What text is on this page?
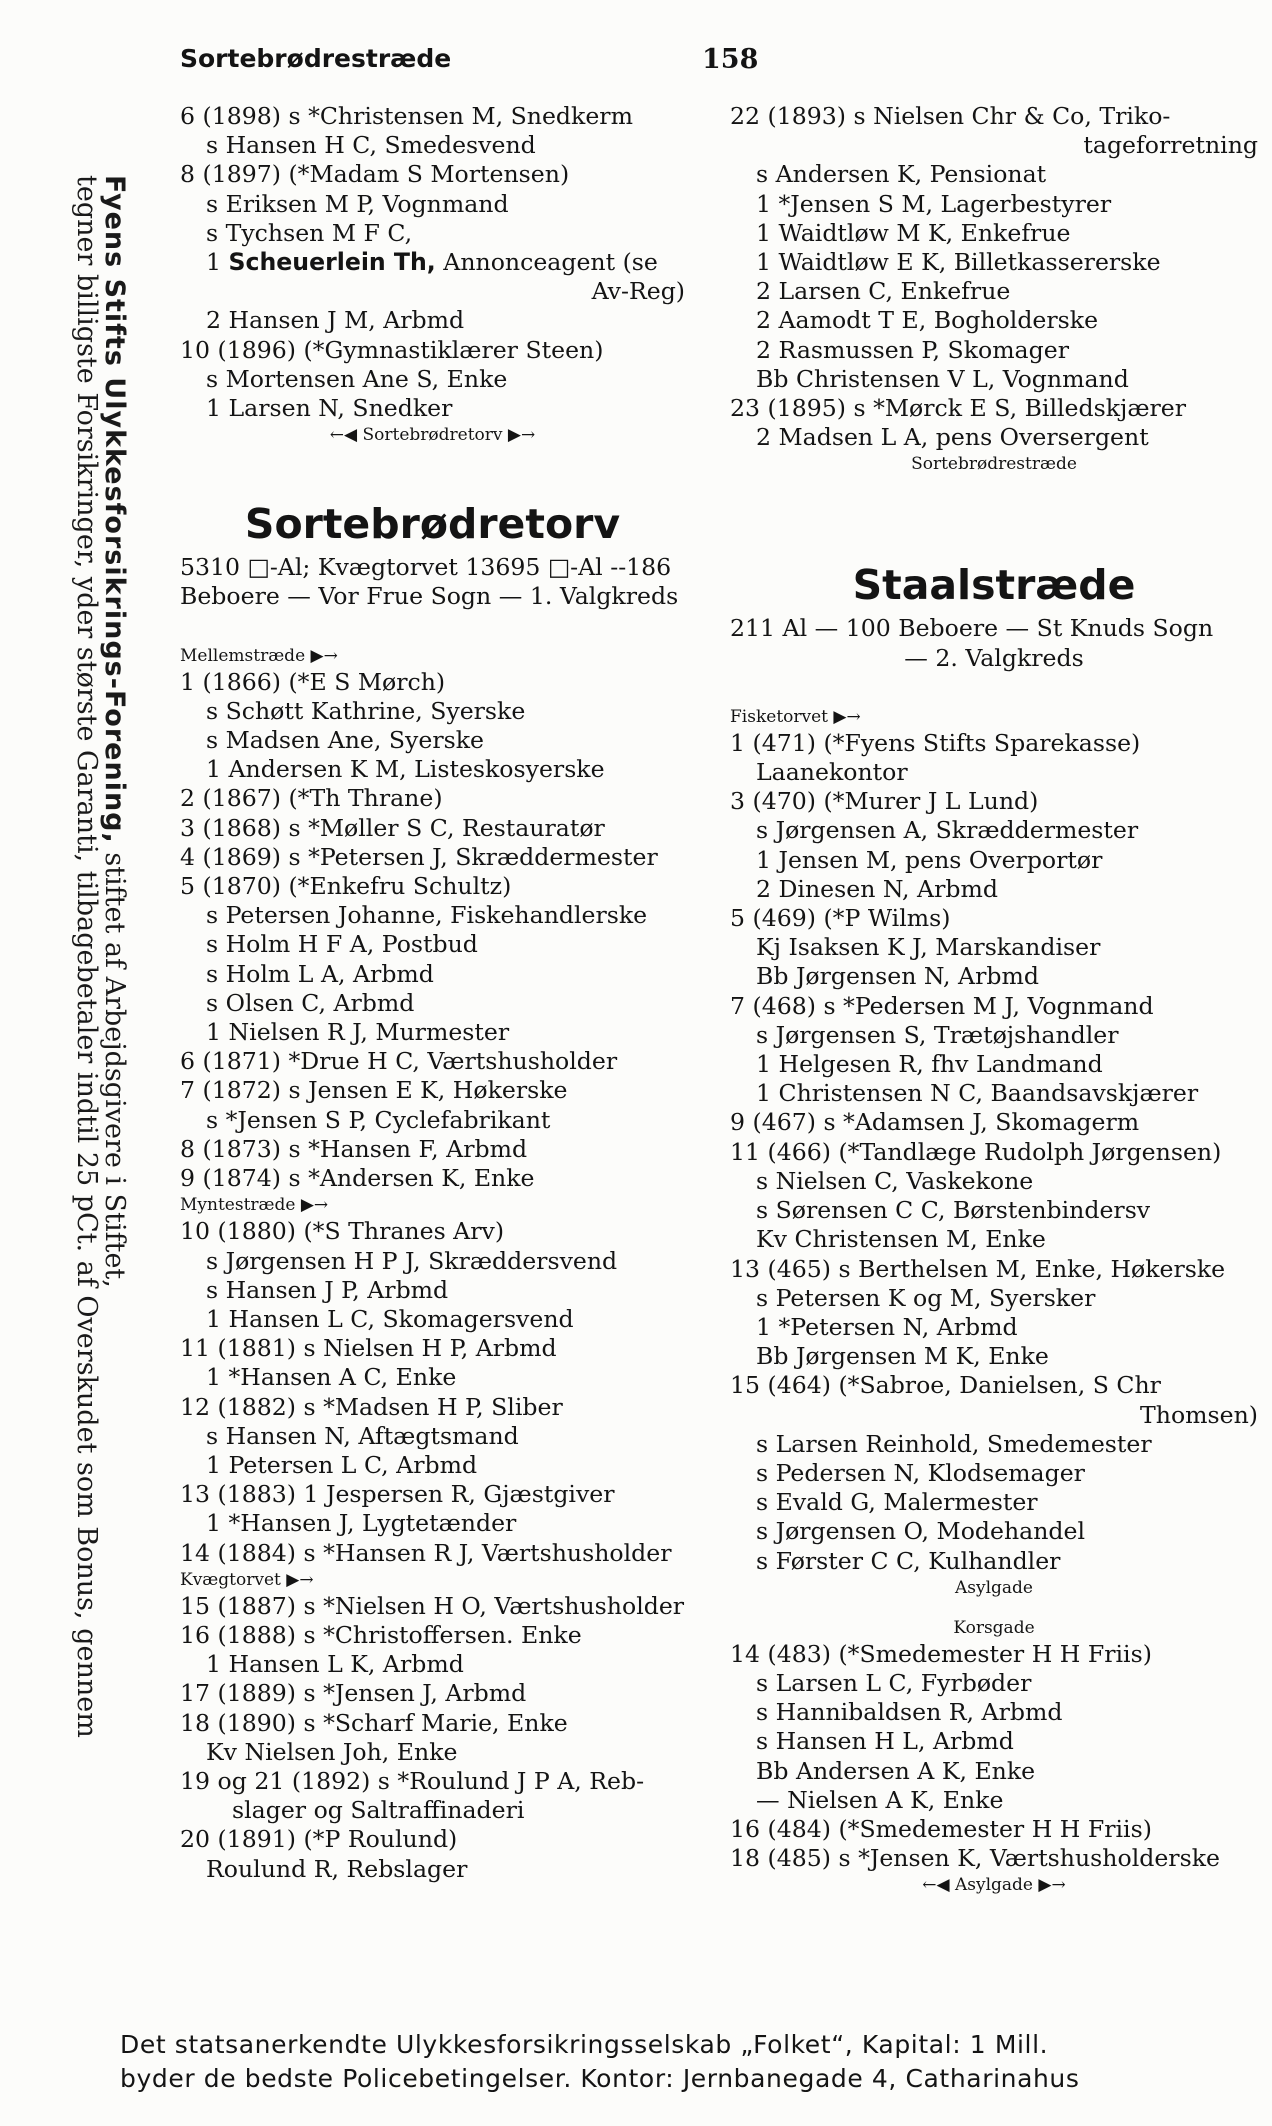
Sortebrødrestræde	158
Fyens Stifts Ulykkesforsikrings-Forening, stiftet af Arbejdsgivere i Stiftet,
tegner billigste Forsikringer, yder største Garanti, tilbagebetaler indtil 25 pCt. af Overskudet som Bonus, gennem
6 (1898) s *Christensen M, Snedkerm
s Hansen H C, Smedesvend
8 (1897) (*Madam S Mortensen)
s Eriksen M P, Vognmand
s Tychsen M F C,
1 Scheuerlein Th, Annonceagent (se
Av-Reg)
2 Hansen J M, Arbmd
10 (1896) (*Gymnastiklærer Steen)
s Mortensen Ane S, Enke
1 Larsen N, Snedker
←◀ Sortebrødretorv ▶→
Sortebrødretorv
5310 □-Al; Kvægtorvet 13695 □-Al --186
Beboere — Vor Frue Sogn — 1. Valgkreds
Mellemstræde ▶→
1 (1866) (*E S Mørch)
s Schøtt Kathrine, Syerske
s Madsen Ane, Syerske
1 Andersen K M, Listeskosyerske
2 (1867) (*Th Thrane)
3 (1868) s *Møller S C, Restauratør
4 (1869) s *Petersen J, Skræddermester
5 (1870) (*Enkefru Schultz)
s Petersen Johanne, Fiskehandlerske
s Holm H F A, Postbud
s Holm L A, Arbmd
s Olsen C, Arbmd
1 Nielsen R J, Murmester
6 (1871) *Drue H C, Værtshusholder
7 (1872) s Jensen E K, Høkerske
s *Jensen S P, Cyclefabrikant
8 (1873) s *Hansen F, Arbmd
9 (1874) s *Andersen K, Enke
Myntestræde ▶→
10 (1880) (*S Thranes Arv)
s Jørgensen H P J, Skræddersvend
s Hansen J P, Arbmd
1 Hansen L C, Skomagersvend
11 (1881) s Nielsen H P, Arbmd
1 *Hansen A C, Enke
12 (1882) s *Madsen H P, Sliber
s Hansen N, Aftægtsmand
1 Petersen L C, Arbmd
13 (1883) 1 Jespersen R, Gjæstgiver
1 *Hansen J, Lygtetænder
14 (1884) s *Hansen R J, Værtshusholder
Kvægtorvet ▶→
15 (1887) s *Nielsen H O, Værtshusholder
16 (1888) s *Christoffersen. Enke
1 Hansen L K, Arbmd
17 (1889) s *Jensen J, Arbmd
18 (1890) s *Scharf Marie, Enke
Kv Nielsen Joh, Enke
19 og 21 (1892) s *Roulund J P A, Reb-
slager og Saltraffinaderi
20 (1891) (*P Roulund)
Roulund R, Rebslager
22 (1893) s Nielsen Chr & Co, Triko-
tageforretning
s Andersen K, Pensionat
1 *Jensen S M, Lagerbestyrer
1 Waidtløw M K, Enkefrue
1 Waidtløw E K, Billetkassererske
2 Larsen C, Enkefrue
2 Aamodt T E, Bogholderske
2 Rasmussen P, Skomager
Bb Christensen V L, Vognmand
23 (1895) s *Mørck E S, Billedskjærer
2 Madsen L A, pens Oversergent
Sortebrødrestræde
Staalstræde
211 Al — 100 Beboere — St Knuds Sogn
— 2. Valgkreds
Fisketorvet ▶→
1 (471) (*Fyens Stifts Sparekasse)
Laanekontor
3 (470) (*Murer J L Lund)
s Jørgensen A, Skræddermester
1 Jensen M, pens Overportør
2 Dinesen N, Arbmd
5 (469) (*P Wilms)
Kj Isaksen K J, Marskandiser
Bb Jørgensen N, Arbmd
7 (468) s *Pedersen M J, Vognmand
s Jørgensen S, Trætøjshandler
1 Helgesen R, fhv Landmand
1 Christensen N C, Baandsavskjærer
9 (467) s *Adamsen J, Skomagerm
11 (466) (*Tandlæge Rudolph Jørgensen)
s Nielsen C, Vaskekone
s Sørensen C C, Børstenbindersv
Kv Christensen M, Enke
13 (465) s Berthelsen M, Enke, Høkerske
s Petersen K og M, Syersker
1 *Petersen N, Arbmd
Bb Jørgensen M K, Enke
15 (464) (*Sabroe, Danielsen, S Chr
Thomsen)
s Larsen Reinhold, Smedemester
s Pedersen N, Klodsemager
s Evald G, Malermester
s Jørgensen O, Modehandel
s Førster C C, Kulhandler
Asylgade
Korsgade
14 (483) (*Smedemester H H Friis)
s Larsen L C, Fyrbøder
s Hannibaldsen R, Arbmd
s Hansen H L, Arbmd
Bb Andersen A K, Enke
— Nielsen A K, Enke
16 (484) (*Smedemester H H Friis)
18 (485) s *Jensen K, Værtshusholderske
←◀ Asylgade ▶→
Det statsanerkendte Ulykkesforsikringsselskab „Folket“, Kapital: 1 Mill.
byder de bedste Policebetingelser. Kontor: Jernbanegade 4, Catharinahus
